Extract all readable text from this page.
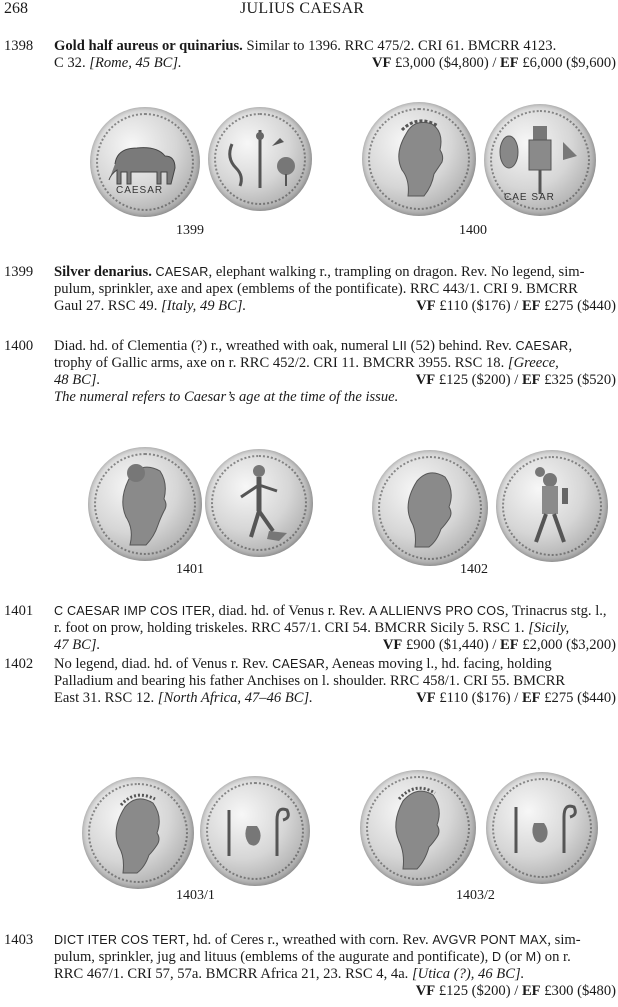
268	JULIUS CAESAR
1398	Gold half aureus or quinarius. Similar to 1396. RRC 475/2. CRI 61. BMCRR 4123.
C 32. [Rome, 45 BC].	VF £3,000 ($4,800) / EF £6,000 ($9,600)
CAESAR
CAE SAR
1399	1400
1399	Silver denarius. CAESAR, elephant walking r., trampling on dragon. Rev. No legend, sim-
pulum, sprinkler, axe and apex (emblems of the pontificate). RRC 443/1. CRI 9. BMCRR
Gaul 27. RSC 49. [Italy, 49 BC].	VF £110 ($176) / EF £275 ($440)
1400	Diad. hd. of Clementia (?) r., wreathed with oak, numeral LII (52) behind. Rev. CAESAR,
trophy of Gallic arms, axe on r. RRC 452/2. CRI 11. BMCRR 3955. RSC 18. [Greece,
48 BC].	VF £125 ($200) / EF £325 ($520)
The numeral refers to Caesar’s age at the time of the issue.
1401	1402
1401	C CAESAR IMP COS ITER, diad. hd. of Venus r. Rev. A ALLIENVS PRO COS, Trinacrus stg. l.,
r. foot on prow, holding triskeles. RRC 457/1. CRI 54. BMCRR Sicily 5. RSC 1. [Sicily,
47 BC].	VF £900 ($1,440) / EF £2,000 ($3,200)
1402	No legend, diad. hd. of Venus r. Rev. CAESAR, Aeneas moving l., hd. facing, holding
Palladium and bearing his father Anchises on l. shoulder. RRC 458/1. CRI 55. BMCRR
East 31. RSC 12. [North Africa, 47–46 BC].	VF £110 ($176) / EF £275 ($440)
1403/1	1403/2
1403	DICT ITER COS TERT, hd. of Ceres r., wreathed with corn. Rev. AVGVR PONT MAX, sim-
pulum, sprinkler, jug and lituus (emblems of the augurate and pontificate), D (or M) on r.
RRC 467/1. CRI 57, 57a. BMCRR Africa 21, 23. RSC 4, 4a. [Utica (?), 46 BC].
VF £125 ($200) / EF £300 ($480)
